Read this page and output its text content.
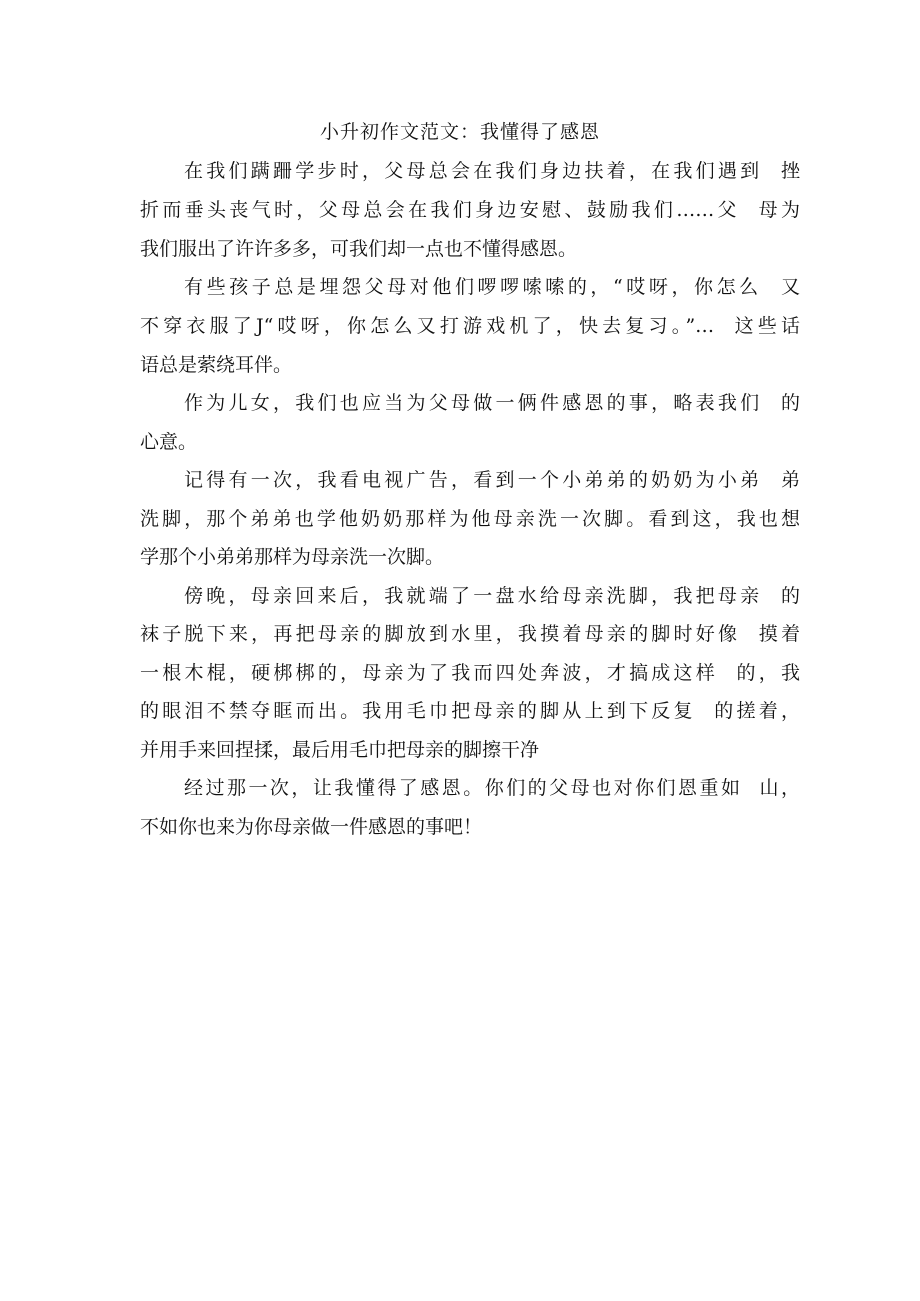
小升初作文范文：我懂得了感恩
在我们蹒跚学步时，父母总会在我们身边扶着，在我们遇到  挫
折而垂头丧气时，父母总会在我们身边安慰、鼓励我们……父  母为
我们服出了许许多多，可我们却一点也不懂得感恩。
有些孩子总是埋怨父母对他们啰啰嗦嗦的，“哎呀，你怎么  又
不穿衣服了J“哎呀，你怎么又打游戏机了，快去复习。”…  这些话
语总是萦绕耳伴。
作为儿女，我们也应当为父母做一俩件感恩的事，略表我们  的
心意。
记得有一次，我看电视广告，看到一个小弟弟的奶奶为小弟  弟
洗脚，那个弟弟也学他奶奶那样为他母亲洗一次脚。看到这，我也想
学那个小弟弟那样为母亲洗一次脚。
傍晚，母亲回来后，我就端了一盘水给母亲洗脚，我把母亲  的
袜子脱下来，再把母亲的脚放到水里，我摸着母亲的脚时好像  摸着
一根木棍，硬梆梆的，母亲为了我而四处奔波，才搞成这样  的，我
的眼泪不禁夺眶而出。我用毛巾把母亲的脚从上到下反复  的搓着，
并用手来回捏揉，最后用毛巾把母亲的脚擦干净
经过那一次，让我懂得了感恩。你们的父母也对你们恩重如  山，
不如你也来为你母亲做一件感恩的事吧！
